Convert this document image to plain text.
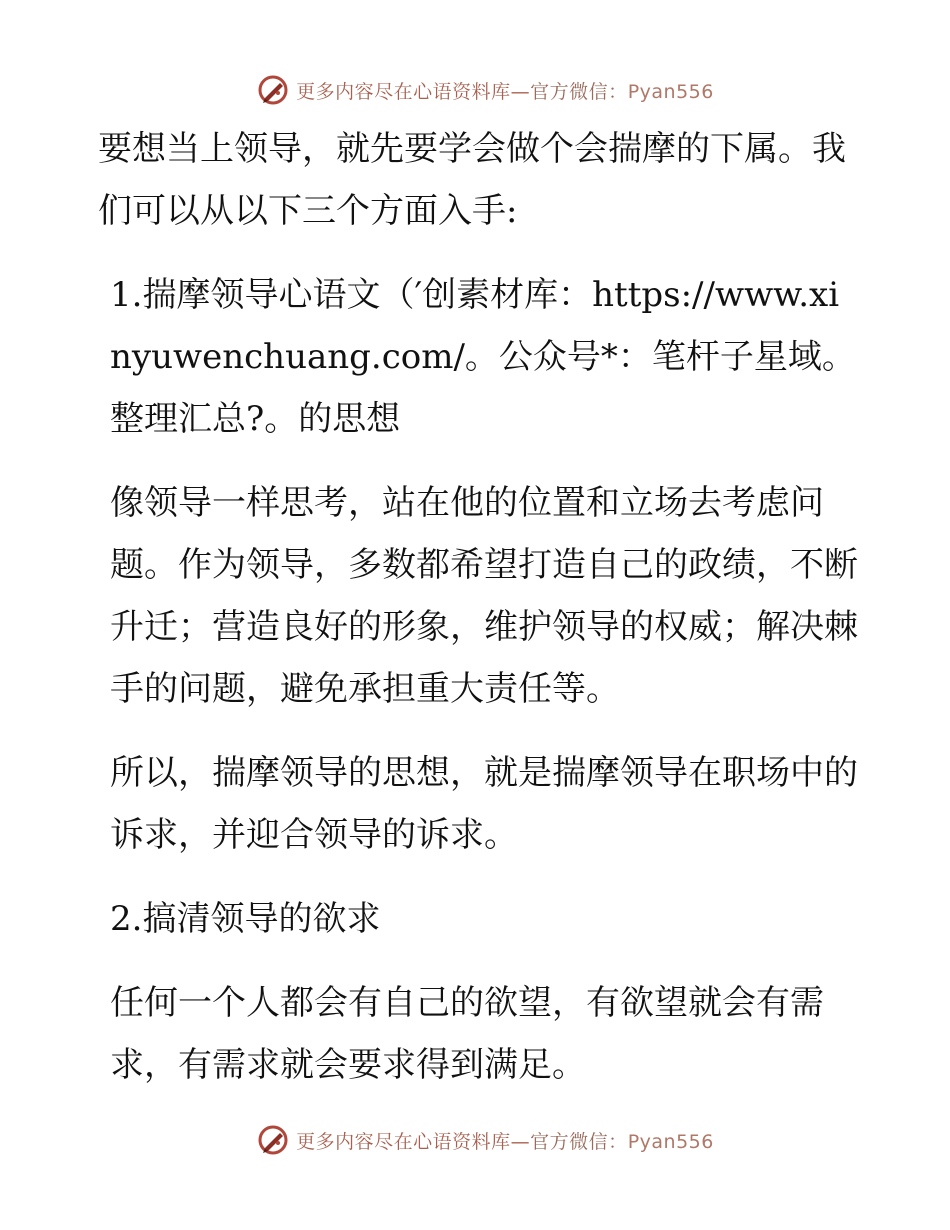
更多内容尽在心语资料库—官方微信：Pyan556

要想当上领导，就先要学会做个会揣摩的下属。我们可以从以下三个方面入手:

1.揣摩领导心语文（′创素材库：https://www.xinyuwenchuang.com/。公众号*：笔杆子星域。整理汇总?。的思想

像领导一样思考，站在他的位置和立场去考虑问题。作为领导，多数都希望打造自己的政绩，不断升迁；营造良好的形象，维护领导的权威；解决棘手的问题，避免承担重大责任等。

所以，揣摩领导的思想，就是揣摩领导在职场中的诉求，并迎合领导的诉求。

2.搞清领导的欲求

任何一个人都会有自己的欲望，有欲望就会有需求，有需求就会要求得到满足。

更多内容尽在心语资料库—官方微信：Pyan556
